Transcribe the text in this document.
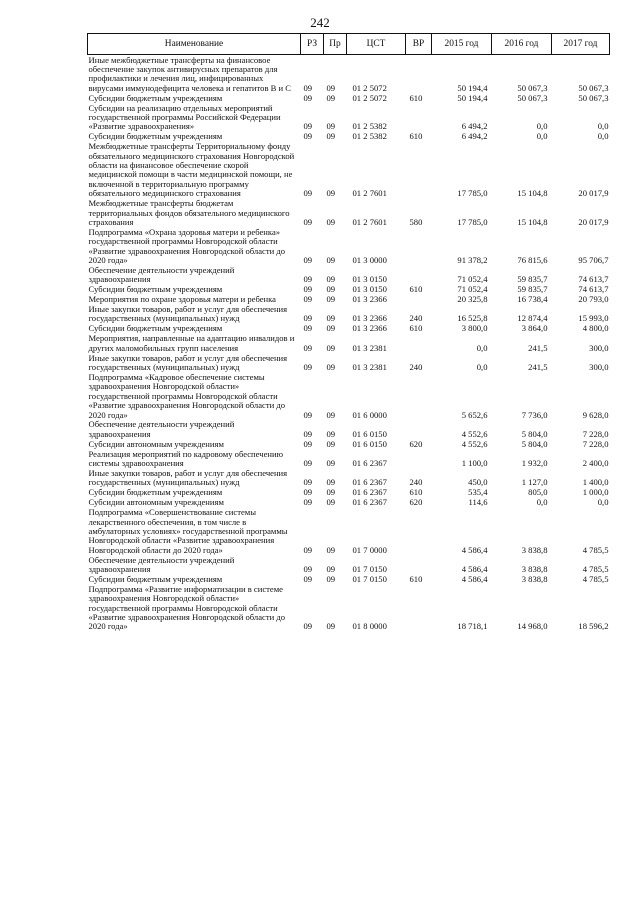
242
Наименование	РЗ	Пр	ЦСТ	ВР	2015 год	2016 год	2017 год
Иные межбюджетные трансферты на финансовое обеспечение закупок антивирусных препаратов для профилактики и лечения лиц, инфицированных вирусами иммунодефицита человека и гепатитов В и С	09	09	01 2 5072		50 194,4	50 067,3	50 067,3
Субсидии бюджетным учреждениям	09	09	01 2 5072	610	50 194,4	50 067,3	50 067,3
Субсидии на реализацию отдельных мероприятий государственной программы Российской Федерации «Развитие здравоохранения»	09	09	01 2 5382		6 494,2	0,0	0,0
Субсидии бюджетным учреждениям	09	09	01 2 5382	610	6 494,2	0,0	0,0
Межбюджетные трансферты Территориальному фонду обязательного медицинского страхования Новгородской области на финансовое обеспечение скорой медицинской помощи в части медицинской помощи, не включенной в территориальную программу обязательного медицинского страхования	09	09	01 2 7601		17 785,0	15 104,8	20 017,9
Межбюджетные трансферты бюджетам территориальных фондов обязательного медицинского страхования	09	09	01 2 7601	580	17 785,0	15 104,8	20 017,9
Подпрограмма «Охрана здоровья матери и ребенка» государственной программы Новгородской области «Развитие здравоохранения Новгородской области до 2020 года»	09	09	01 3 0000		91 378,2	76 815,6	95 706,7
Обеспечение деятельности учреждений здравоохранения	09	09	01 3 0150		71 052,4	59 835,7	74 613,7
Субсидии бюджетным учреждениям	09	09	01 3 0150	610	71 052,4	59 835,7	74 613,7
Мероприятия по охране здоровья матери и ребенка	09	09	01 3 2366		20 325,8	16 738,4	20 793,0
Иные закупки товаров, работ и услуг для обеспечения государственных (муниципальных) нужд	09	09	01 3 2366	240	16 525,8	12 874,4	15 993,0
Субсидии бюджетным учреждениям	09	09	01 3 2366	610	3 800,0	3 864,0	4 800,0
Мероприятия, направленные на адаптацию инвалидов и других маломобильных групп населения	09	09	01 3 2381		0,0	241,5	300,0
Иные закупки товаров, работ и услуг для обеспечения государственных (муниципальных) нужд	09	09	01 3 2381	240	0,0	241,5	300,0
Подпрограмма «Кадровое обеспечение системы здравоохранения Новгородской области» государственной программы Новгородской области «Развитие здравоохранения Новгородской области до 2020 года»	09	09	01 6 0000		5 652,6	7 736,0	9 628,0
Обеспечение деятельности учреждений здравоохранения	09	09	01 6 0150		4 552,6	5 804,0	7 228,0
Субсидии автономным учреждениям	09	09	01 6 0150	620	4 552,6	5 804,0	7 228,0
Реализация мероприятий по кадровому обеспечению системы здравоохранения	09	09	01 6 2367		1 100,0	1 932,0	2 400,0
Иные закупки товаров, работ и услуг для обеспечения государственных (муниципальных) нужд	09	09	01 6 2367	240	450,0	1 127,0	1 400,0
Субсидии бюджетным учреждениям	09	09	01 6 2367	610	535,4	805,0	1 000,0
Субсидии автономным учреждениям	09	09	01 6 2367	620	114,6	0,0	0,0
Подпрограмма «Совершенствование системы лекарственного обеспечения, в том числе в амбулаторных условиях» государственной программы Новгородской области «Развитие здравоохранения Новгородской области до 2020 года»	09	09	01 7 0000		4 586,4	3 838,8	4 785,5
Обеспечение деятельности учреждений здравоохранения	09	09	01 7 0150		4 586,4	3 838,8	4 785,5
Субсидии бюджетным учреждениям	09	09	01 7 0150	610	4 586,4	3 838,8	4 785,5
Подпрограмма «Развитие информатизации в системе здравоохранения Новгородской области» государственной программы Новгородской области «Развитие здравоохранения Новгородской области до 2020 года»	09	09	01 8 0000		18 718,1	14 968,0	18 596,2
